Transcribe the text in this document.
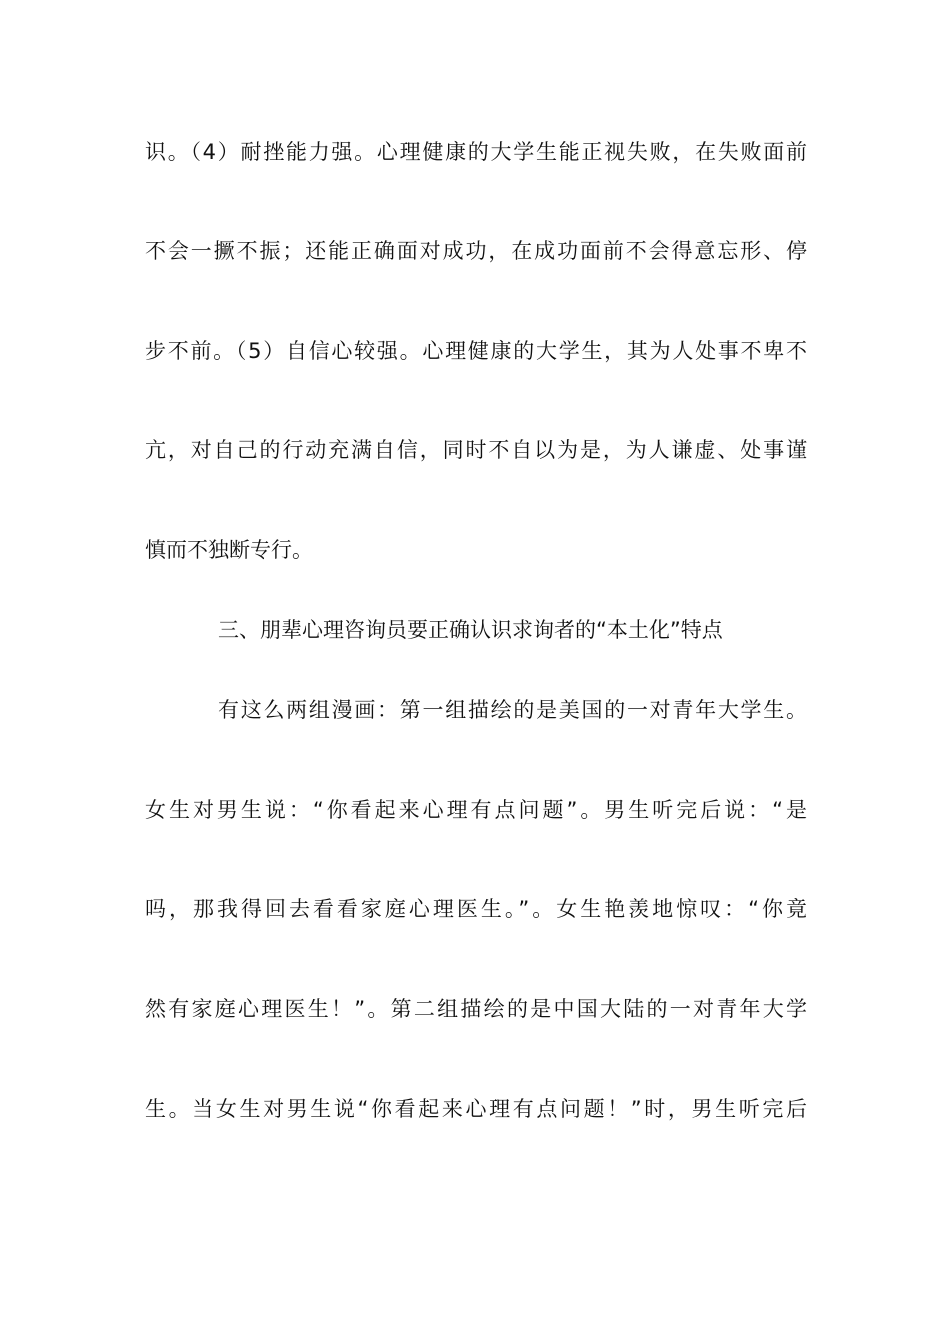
识。（4）耐挫能力强。心理健康的大学生能正视失败，在失败面前
不会一撅不振；还能正确面对成功，在成功面前不会得意忘形、停
步不前。（5）自信心较强。心理健康的大学生，其为人处事不卑不
亢，对自己的行动充满自信，同时不自以为是，为人谦虚、处事谨
慎而不独断专行。
三、朋辈心理咨询员要正确认识求询者的“本土化”特点
有这么两组漫画：第一组描绘的是美国的一对青年大学生。
女生对男生说：“你看起来心理有点问题”。男生听完后说：“是
吗，那我得回去看看家庭心理医生。”。女生艳羡地惊叹：“你竟
然有家庭心理医生！”。第二组描绘的是中国大陆的一对青年大学
生。当女生对男生说“你看起来心理有点问题！”时，男生听完后
